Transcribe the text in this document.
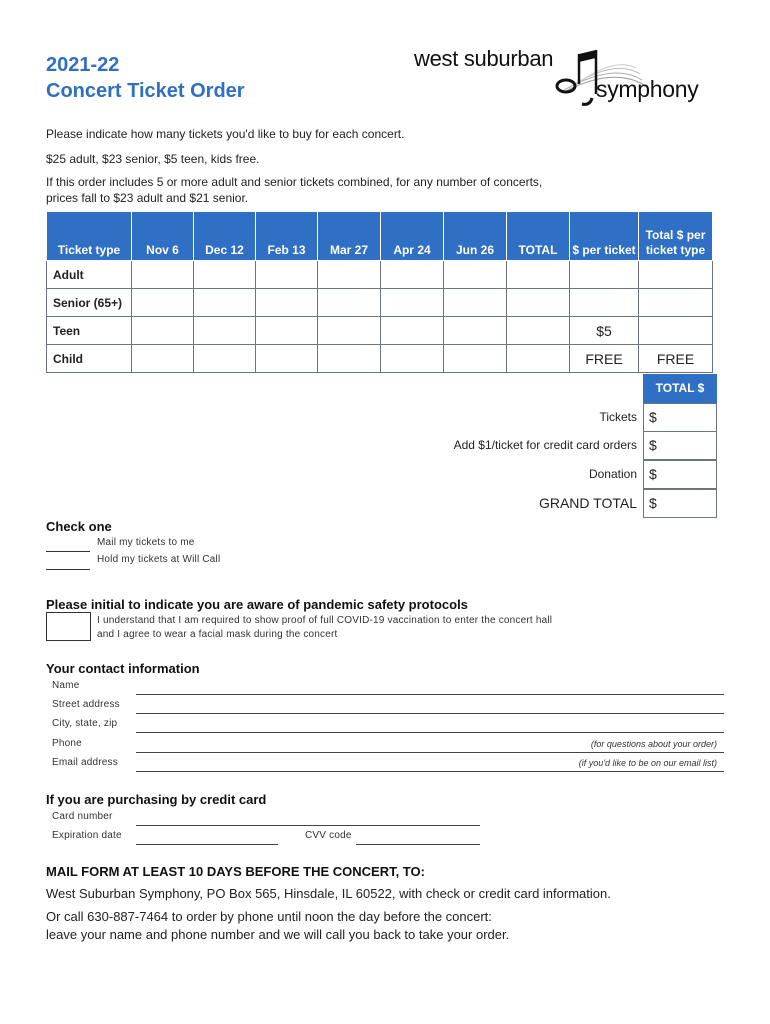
2021-22
Concert Ticket Order
west suburban
symphony
Please indicate how many tickets you'd like to buy for each concert.
$25 adult, $23 senior, $5 teen, kids free.
If this order includes 5 or more adult and senior tickets combined, for any number of concerts,
prices fall to $23 adult and $21 senior.
Ticket type	Nov 6	Dec 12	Feb 13	Mar 27	Apr 24	Jun 26	TOTAL	$ per ticket	Total $ per ticket type
Adult									
Senior (65+)									
Teen								$5	
Child								FREE	FREE
TOTAL $
Tickets $
Add $1/ticket for credit card orders $
Donation $
GRAND TOTAL $
Check one
Mail my tickets to me
Hold my tickets at Will Call
Please initial to indicate you are aware of pandemic safety protocols
I understand that I am required to show proof of full COVID-19 vaccination to enter the concert hall
and I agree to wear a facial mask during the concert
Your contact information
Name
Street address
City, state, zip
Phone	(for questions about your order)
Email address	(if you'd like to be on our email list)
If you are purchasing by credit card
Card number
Expiration date	CVV code
MAIL FORM AT LEAST 10 DAYS BEFORE THE CONCERT, TO:
West Suburban Symphony, PO Box 565, Hinsdale, IL 60522, with check or credit card information.
Or call 630-887-7464 to order by phone until noon the day before the concert:
leave your name and phone number and we will call you back to take your order.
